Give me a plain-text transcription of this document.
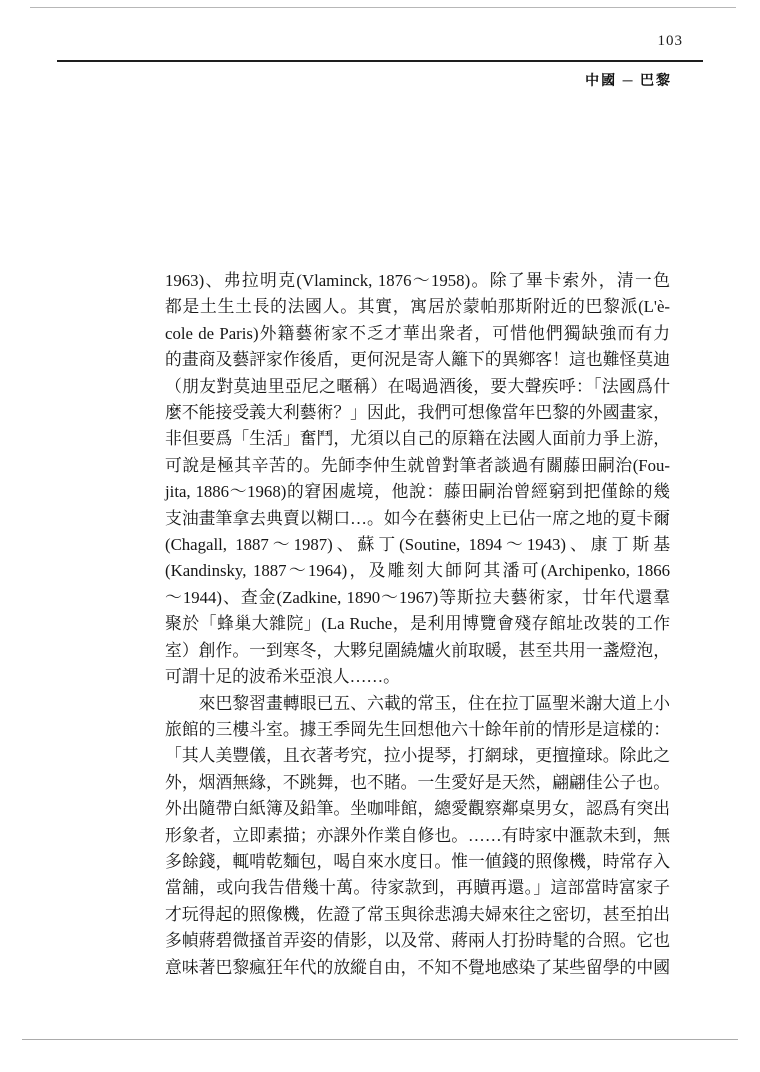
103
中國 ─ 巴黎
1963)、弗拉明克(Vlaminck, 1876～1958)。除了畢卡索外，清一色
都是土生土長的法國人。其實，寓居於蒙帕那斯附近的巴黎派(L'è-
cole de Paris)外籍藝術家不乏才華出衆者，可惜他們獨缺強而有力
的畫商及藝評家作後盾，更何況是寄人籬下的異鄉客！這也難怪莫迪
（朋友對莫迪里亞尼之暱稱）在喝過酒後，要大聲疾呼：「法國爲什
麼不能接受義大利藝術？」因此，我們可想像當年巴黎的外國畫家，
非但要爲「生活」奮鬥，尤須以自己的原籍在法國人面前力爭上游，
可說是極其辛苦的。先師李仲生就曾對筆者談過有關藤田嗣治(Fou-
jita, 1886～1968)的窘困處境，他說：藤田嗣治曾經窮到把僅餘的幾
支油畫筆拿去典賣以糊口…。如今在藝術史上已佔一席之地的夏卡爾
(Chagall, 1887～1987)、蘇丁(Soutine, 1894～1943)、康丁斯基
(Kandinsky, 1887～1964)，及雕刻大師阿其潘可(Archipenko, 1866
～1944)、查金(Zadkine, 1890～1967)等斯拉夫藝術家，廿年代還羣
聚於「蜂巢大雜院」(La Ruche，是利用博覽會殘存館址改裝的工作
室）創作。一到寒冬，大夥兒圍繞爐火前取暖，甚至共用一盞燈泡，
可謂十足的波希米亞浪人……。
　　來巴黎習畫轉眼已五、六載的常玉，住在拉丁區聖米謝大道上小
旅館的三樓斗室。據王季岡先生回想他六十餘年前的情形是這樣的：
「其人美豐儀，且衣著考究，拉小提琴，打網球，更擅撞球。除此之
外，烟酒無緣，不跳舞，也不賭。一生愛好是天然，翩翩佳公子也。
外出隨帶白紙簿及鉛筆。坐咖啡館，總愛觀察鄰桌男女，認爲有突出
形象者，立即素描；亦課外作業自修也。……有時家中滙款未到，無
多餘錢，輒啃乾麵包，喝自來水度日。惟一値錢的照像機，時常存入
當舖，或向我告借幾十萬。待家款到，再贖再還。」這部當時富家子
才玩得起的照像機，佐證了常玉與徐悲鴻夫婦來往之密切，甚至拍出
多幀蔣碧微搔首弄姿的倩影，以及常、蔣兩人打扮時髦的合照。它也
意味著巴黎瘋狂年代的放縱自由，不知不覺地感染了某些留學的中國
